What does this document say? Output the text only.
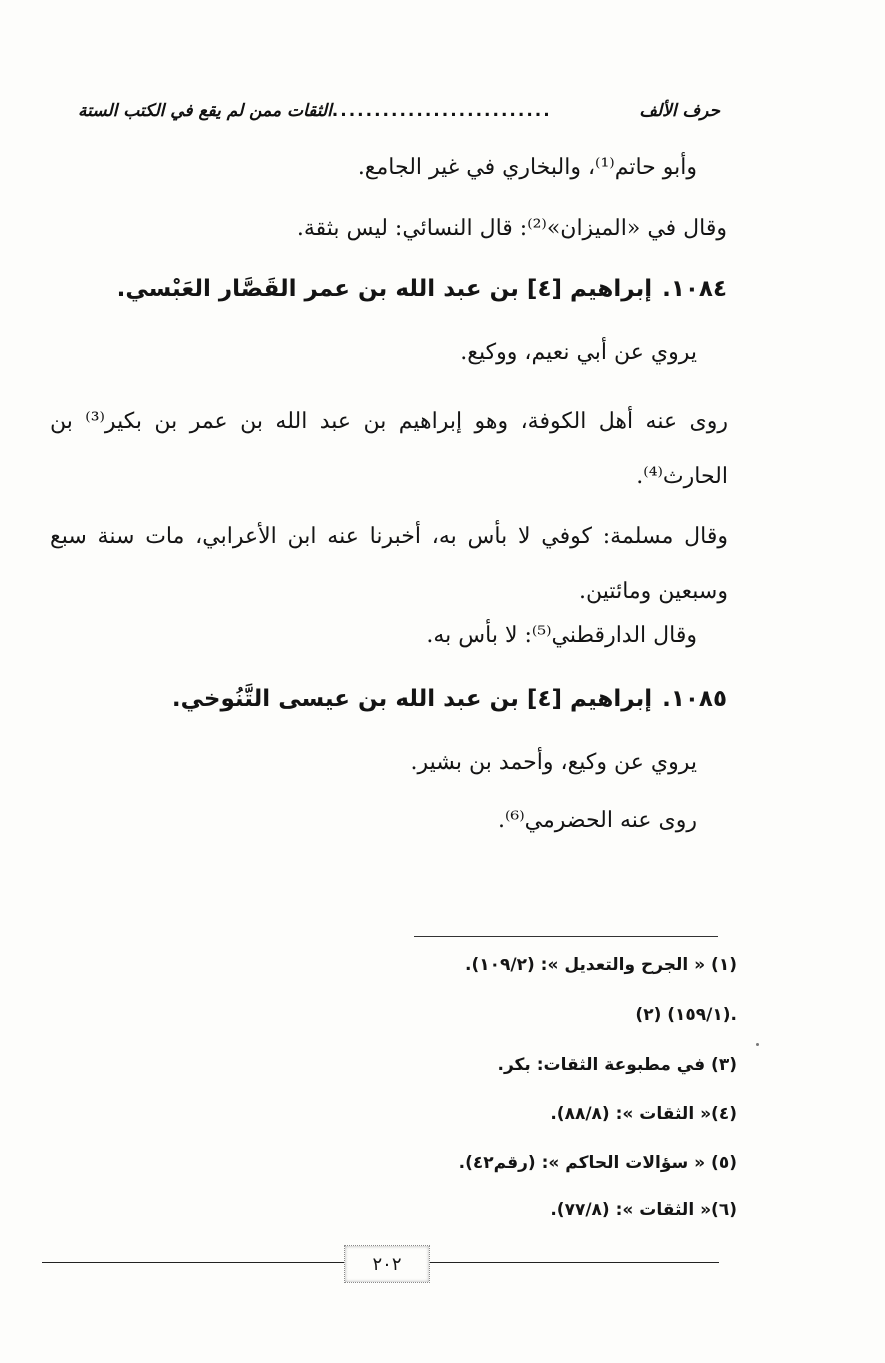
الثقات ممن لم يقع في الكتب الستة ..........................	حرف الألف
وأبو حاتم⁽¹⁾، والبخاري في غير الجامع.
وقال في «الميزان»⁽²⁾: قال النسائي: ليس بثقة.
١٠٨٤.
إبراهيم [٤] بن عبد الله بن عمر القَصَّار العَبْسي.
يروي عن أبي نعيم، ووكيع.
روى عنه أهل الكوفة، وهو إبراهيم بن عبد الله بن عمر بن بكير⁽³⁾ بن الحارث⁽⁴⁾.
وقال مسلمة: كوفي لا بأس به، أخبرنا عنه ابن الأعرابي، مات سنة سبع وسبعين ومائتين.
وقال الدارقطني⁽⁵⁾: لا بأس به.
١٠٨٥.
إبراهيم [٤] بن عبد الله بن عيسى التَّنُوخي.
يروي عن وكيع، وأحمد بن بشير.
روى عنه الحضرمي⁽⁶⁾.
(١) « الجرح والتعديل »: (١٠٩/٢).
(٢) (١٥٩/١).
(٣) في مطبوعة الثقات: بكر.
(٤)« الثقات »: (٨٨/٨).
(٥) « سؤالات الحاكم »: (رقم٤٢).
(٦)« الثقات »: (٧٧/٨).
٢٠٢
